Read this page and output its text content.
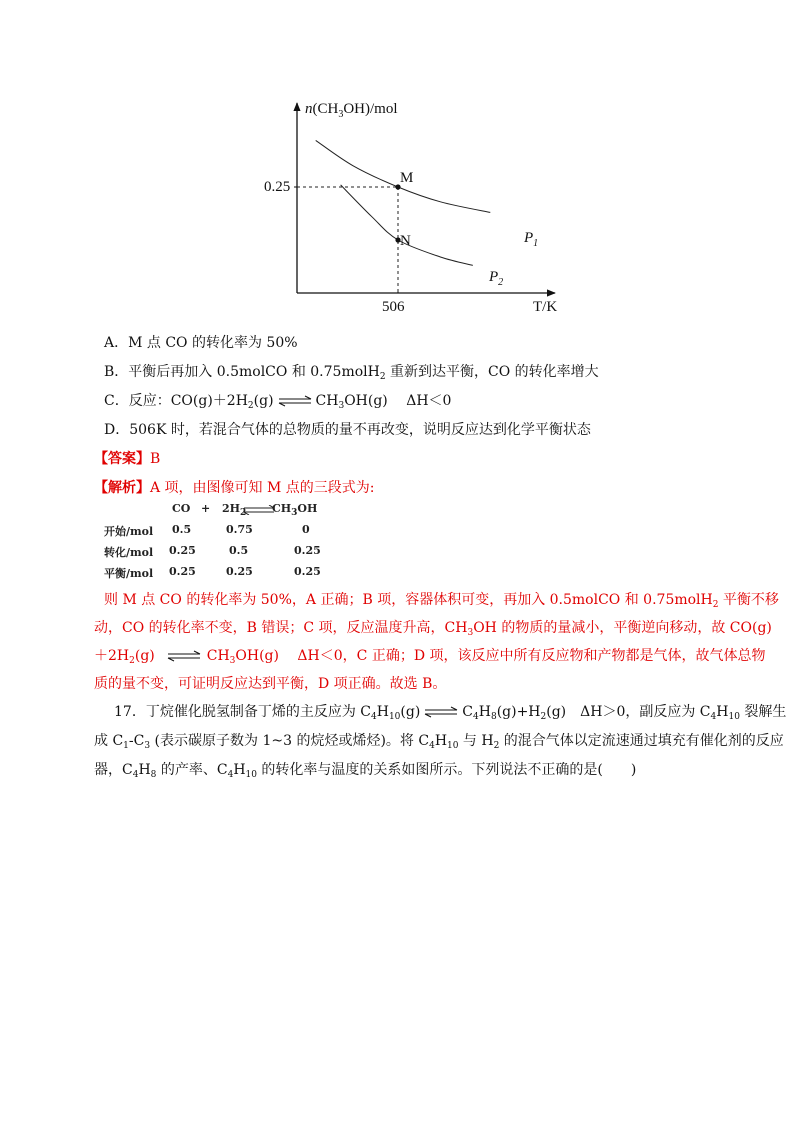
$n(CH_3OH)$/mol
T/K
0.25
506
M
N	$P_1$
$P_2$
A．M 点 CO 的转化率为 50%
B．平衡后再加入 0.5molCO 和 0.75molH$_2$ 重新到达平衡，CO 的转化率增大
C．反应：$CO(g)+2H_2(g)$ ⇌ $CH_3OH(g)$　 ΔH＜0
D．506K 时，若混合气体的总物质的量不再改变，说明反应达到化学平衡状态
【答案】B
【解析】A 项，由图像可知 M 点的三段式为:
CO + $2H_2$ $CH_3OH$
开始/mol 0.5	0.75	0
转化/mol 0.25	0.5	0.25
平衡/mol 0.25	0.25	0.25
则 M 点 CO 的转化率为 50%，A 正确；B 项，容器体积可变，再加入 0.5molCO 和 0.75molH$_2$ 平衡不移
动，CO 的转化率不变，B 错误；C 项，反应温度升高，$CH_3OH$ 的物质的量减小，平衡逆向移动，故 CO(g)
$+2H_2(g)$ ⇌ $CH_3OH(g)$　 ΔH＜0，C 正确；D 项，该反应中所有反应物和产物都是气体，故气体总物
质的量不变，可证明反应达到平衡，D 项正确。故选 B。
17．丁烷催化脱氢制备丁烯的主反应为 $C_4H_{10}(g)$ ⇌ $C_4H_8(g)+H_2(g)$　ΔH＞0，副反应为 $C_4H_{10}$ 裂解生
成 $C_1-C_3$ (表示碳原子数为 1~3 的烷烃或烯烃)。将 $C_4H_{10}$ 与 $H_2$ 的混合气体以定流速通过填充有催化剂的反应
器，$C_4H_8$ 的产率、$C_4H_{10}$ 的转化率与温度的关系如图所示。下列说法不正确的是(　　)
